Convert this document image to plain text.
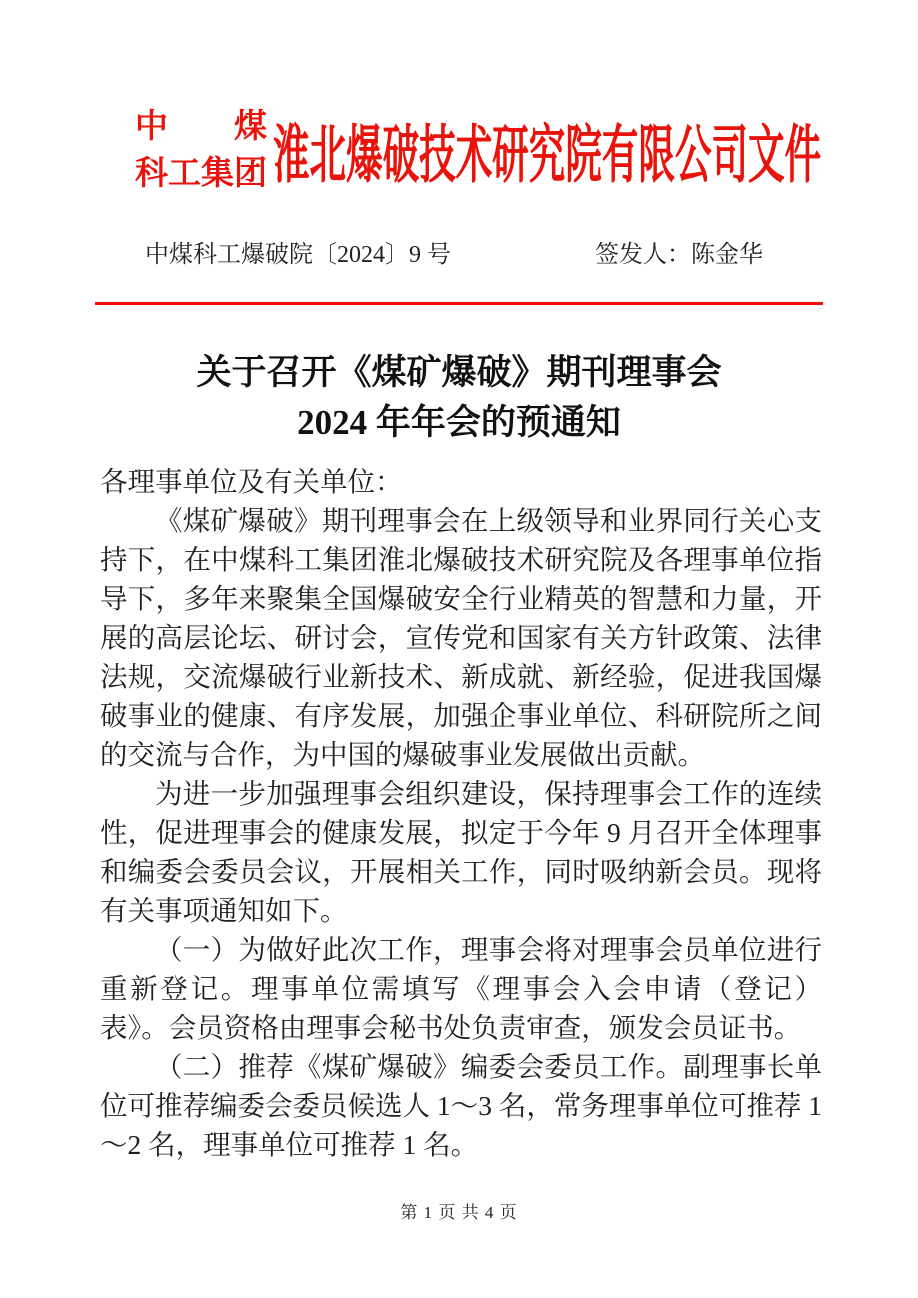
中 煤
科工集团 淮北爆破技术研究院有限公司文件
中煤科工爆破院〔2024〕9 号	签发人：陈金华
关于召开《煤矿爆破》期刊理事会
2024 年年会的预通知

各理事单位及有关单位：

《煤矿爆破》期刊理事会在上级领导和业界同行关心支持下，在中煤科工集团淮北爆破技术研究院及各理事单位指导下，多年来聚集全国爆破安全行业精英的智慧和力量，开展的高层论坛、研讨会，宣传党和国家有关方针政策、法律法规，交流爆破行业新技术、新成就、新经验，促进我国爆破事业的健康、有序发展，加强企事业单位、科研院所之间的交流与合作，为中国的爆破事业发展做出贡献。

为进一步加强理事会组织建设，保持理事会工作的连续性，促进理事会的健康发展，拟定于今年 9 月召开全体理事和编委会委员会议，开展相关工作，同时吸纳新会员。现将有关事项通知如下。

（一）为做好此次工作，理事会将对理事会员单位进行重新登记。理事单位需填写《理事会入会申请（登记）表》。会员资格由理事会秘书处负责审查，颁发会员证书。

（二）推荐《煤矿爆破》编委会委员工作。副理事长单位可推荐编委会委员候选人 1～3 名，常务理事单位可推荐 1～2 名，理事单位可推荐 1 名。

第 1 页 共 4 页
